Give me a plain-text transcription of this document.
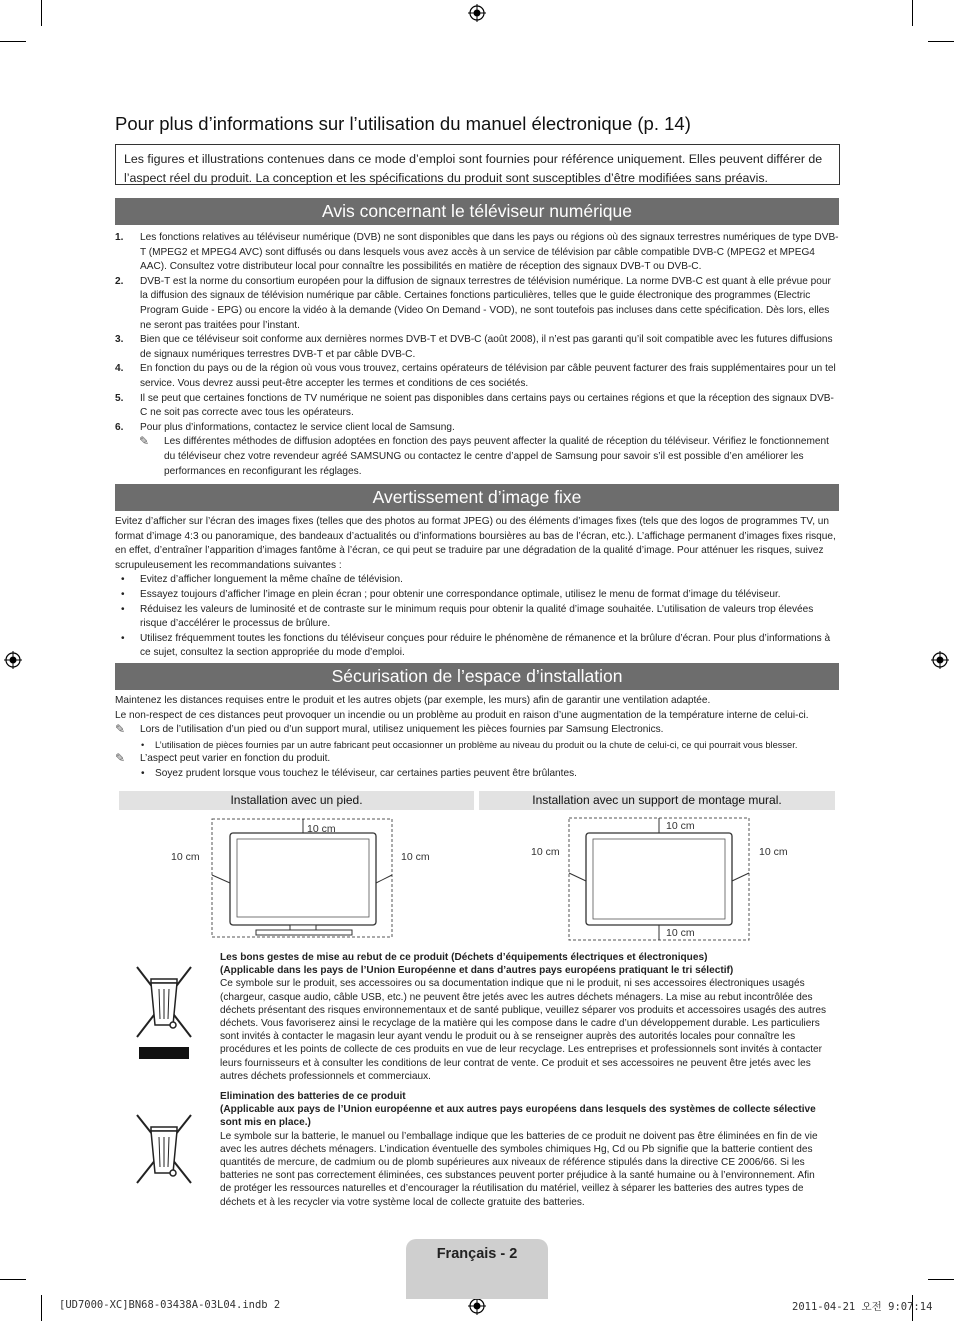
Pour plus d’informations sur l’utilisation du manuel électronique (p. 14)
Les figures et illustrations contenues dans ce mode d’emploi sont fournies pour référence uniquement. Elles peuvent différer de l’aspect réel du produit. La conception et les spécifications du produit sont susceptibles d’être modifiées sans préavis.
Avis concernant le téléviseur numérique
1. Les fonctions relatives au téléviseur numérique (DVB) ne sont disponibles que dans les pays ou régions où des signaux terrestres numériques de type DVB-T (MPEG2 et MPEG4 AVC) sont diffusés ou dans lesquels vous avez accès à un service de télévision par câble compatible DVB-C (MPEG2 et MPEG4 AAC). Consultez votre distributeur local pour connaître les possibilités en matière de réception des signaux DVB-T ou DVB-C.
2. DVB-T est la norme du consortium européen pour la diffusion de signaux terrestres de télévision numérique. La norme DVB-C est quant à elle prévue pour la diffusion des signaux de télévision numérique par câble. Certaines fonctions particulières, telles que le guide électronique des programmes (Electric Program Guide - EPG) ou encore la vidéo à la demande (Video On Demand - VOD), ne sont toutefois pas incluses dans cette spécification. Dès lors, elles ne seront pas traitées pour l’instant.
3. Bien que ce téléviseur soit conforme aux dernières normes DVB-T et DVB-C (août 2008), il n’est pas garanti qu’il soit compatible avec les futures diffusions de signaux numériques terrestres DVB-T et par câble DVB-C.
4. En fonction du pays ou de la région où vous vous trouvez, certains opérateurs de télévision par câble peuvent facturer des frais supplémentaires pour un tel service. Vous devrez aussi peut-être accepter les termes et conditions de ces sociétés.
5. Il se peut que certaines fonctions de TV numérique ne soient pas disponibles dans certains pays ou certaines régions et que la réception des signaux DVB-C ne soit pas correcte avec tous les opérateurs.
6. Pour plus d’informations, contactez le service client local de Samsung.
✎ Les différentes méthodes de diffusion adoptées en fonction des pays peuvent affecter la qualité de réception du téléviseur. Vérifiez le fonctionnement du téléviseur chez votre revendeur agréé SAMSUNG ou contactez le centre d’appel de Samsung pour savoir s’il est possible d’en améliorer les performances en reconfigurant les réglages.
Avertissement d’image fixe
Evitez d’afficher sur l’écran des images fixes (telles que des photos au format JPEG) ou des éléments d’images fixes (tels que des logos de programmes TV, un format d’image 4:3 ou panoramique, des bandeaux d’actualités ou d’informations boursières au bas de l’écran, etc.). L’affichage permanent d’images fixes risque, en effet, d’entraîner l’apparition d’images fantôme à l’écran, ce qui peut se traduire par une dégradation de la qualité d’image. Pour atténuer les risques, suivez scrupuleusement les recommandations suivantes :
• Evitez d’afficher longuement la même chaîne de télévision.
• Essayez toujours d’afficher l’image en plein écran ; pour obtenir une correspondance optimale, utilisez le menu de format d’image du téléviseur.
• Réduisez les valeurs de luminosité et de contraste sur le minimum requis pour obtenir la qualité d’image souhaitée. L’utilisation de valeurs trop élevées risque d’accélérer le processus de brûlure.
• Utilisez fréquemment toutes les fonctions du téléviseur conçues pour réduire le phénomène de rémanence et la brûlure d’écran. Pour plus d’informations à ce sujet, consultez la section appropriée du mode d’emploi.
Sécurisation de l’espace d’installation
Maintenez les distances requises entre le produit et les autres objets (par exemple, les murs) afin de garantir une ventilation adaptée.
Le non-respect de ces distances peut provoquer un incendie ou un problème au produit en raison d’une augmentation de la température interne de celui-ci.
✎ Lors de l’utilisation d’un pied ou d’un support mural, utilisez uniquement les pièces fournies par Samsung Electronics.
• L’utilisation de pièces fournies par un autre fabricant peut occasionner un problème au niveau du produit ou la chute de celui-ci, ce qui pourrait vous blesser.
✎ L’aspect peut varier en fonction du produit.
• Soyez prudent lorsque vous touchez le téléviseur, car certaines parties peuvent être brûlantes.
Installation avec un pied.	Installation avec un support de montage mural.
10 cm
10 cm	10 cm
10 cm
10 cm	10 cm
10 cm
Les bons gestes de mise au rebut de ce produit (Déchets d’équipements électriques et électroniques)
(Applicable dans les pays de l’Union Européenne et dans d’autres pays européens pratiquant le tri sélectif)
Ce symbole sur le produit, ses accessoires ou sa documentation indique que ni le produit, ni ses accessoires électroniques usagés (chargeur, casque audio, câble USB, etc.) ne peuvent être jetés avec les autres déchets ménagers. La mise au rebut incontrôlée des déchets présentant des risques environnementaux et de santé publique, veuillez séparer vos produits et accessoires usagés des autres déchets. Vous favoriserez ainsi le recyclage de la matière qui les compose dans le cadre d’un développement durable. Les particuliers sont invités à contacter le magasin leur ayant vendu le produit ou à se renseigner auprès des autorités locales pour connaître les procédures et les points de collecte de ces produits en vue de leur recyclage. Les entreprises et professionnels sont invités à contacter leurs fournisseurs et à consulter les conditions de leur contrat de vente. Ce produit et ses accessoires ne peuvent être jetés avec les autres déchets professionnels et commerciaux.
Elimination des batteries de ce produit
(Applicable aux pays de l’Union européenne et aux autres pays européens dans lesquels des systèmes de collecte sélective sont mis en place.)
Le symbole sur la batterie, le manuel ou l’emballage indique que les batteries de ce produit ne doivent pas être éliminées en fin de vie avec les autres déchets ménagers. L’indication éventuelle des symboles chimiques Hg, Cd ou Pb signifie que la batterie contient des quantités de mercure, de cadmium ou de plomb supérieures aux niveaux de référence stipulés dans la directive CE 2006/66. Si les batteries ne sont pas correctement éliminées, ces substances peuvent porter préjudice à la santé humaine ou à l’environnement. Afin de protéger les ressources naturelles et d’encourager la réutilisation du matériel, veillez à séparer les batteries des autres types de déchets et à les recycler via votre système local de collecte gratuite des batteries.
Français - 2
[UD7000-XC]BN68-03438A-03L04.indb 2	2011-04-21 오전 9:07:14
